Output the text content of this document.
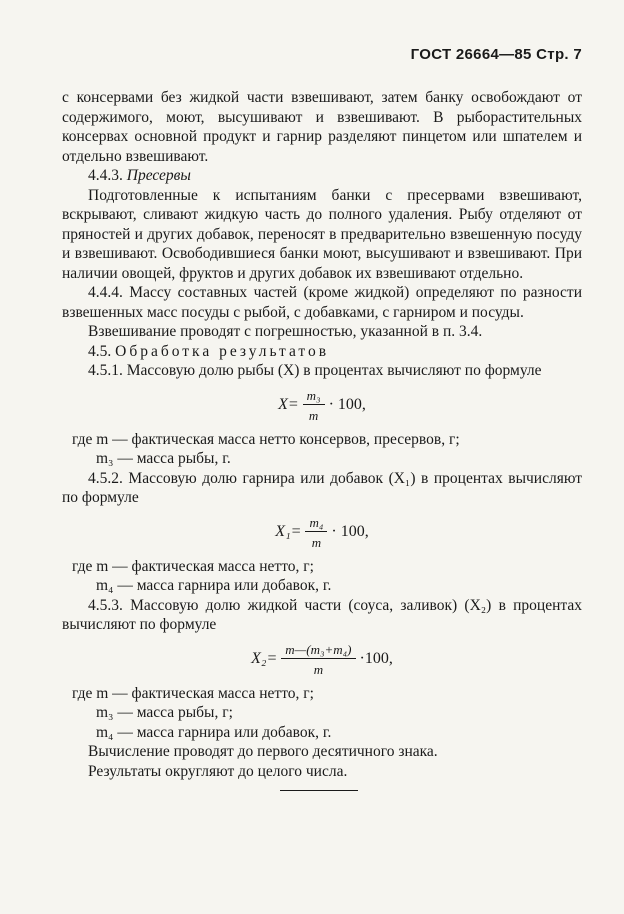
ГОСТ 26664—85 Стр. 7

с консервами без жидкой части взвешивают, затем банку освобождают от содержимого, моют, высушивают и взвешивают. В рыборастительных консервах основной продукт и гарнир разделяют пинцетом или шпателем и отдельно взвешивают.

4.4.3. Пресервы

Подготовленные к испытаниям банки с пресервами взвешивают, вскрывают, сливают жидкую часть до полного удаления. Рыбу отделяют от пряностей и других добавок, переносят в предварительно взвешенную посуду и взвешивают. Освободившиеся банки моют, высушивают и взвешивают. При наличии овощей, фруктов и других добавок их взвешивают отдельно.

4.4.4. Массу составных частей (кроме жидкой) определяют по разности взвешенных масс посуды с рыбой, с добавками, с гарниром и посуды.

Взвешивание проводят с погрешностью, указанной в п. 3.4.

4.5. Обработка результатов

4.5.1. Массовую долю рыбы (X) в процентах вычисляют по формуле

$X= \frac{\text{m₃}}{m} \cdot 100$,

где m — фактическая масса нетто консервов, пресервов, г;

m₃ — масса рыбы, г.

4.5.2. Массовую долю гарнира или добавок (X₁) в процентах вычисляют по формуле

$X_1= \frac{\text{m₄}}{m} \cdot 100$,

где m — фактическая масса нетто, г;

m₄ — масса гарнира или добавок, г.

4.5.3. Массовую долю жидкой части (соуса, заливок) (X₂) в процентах вычисляют по формуле

$X_2= \frac{\text{m—(m₃+m₄)}}{m} \cdot 100$,

где m — фактическая масса нетто, г;

m₃ — масса рыбы, г;

m₄ — масса гарнира или добавок, г.

Вычисление проводят до первого десятичного знака.

Результаты округляют до целого числа.
